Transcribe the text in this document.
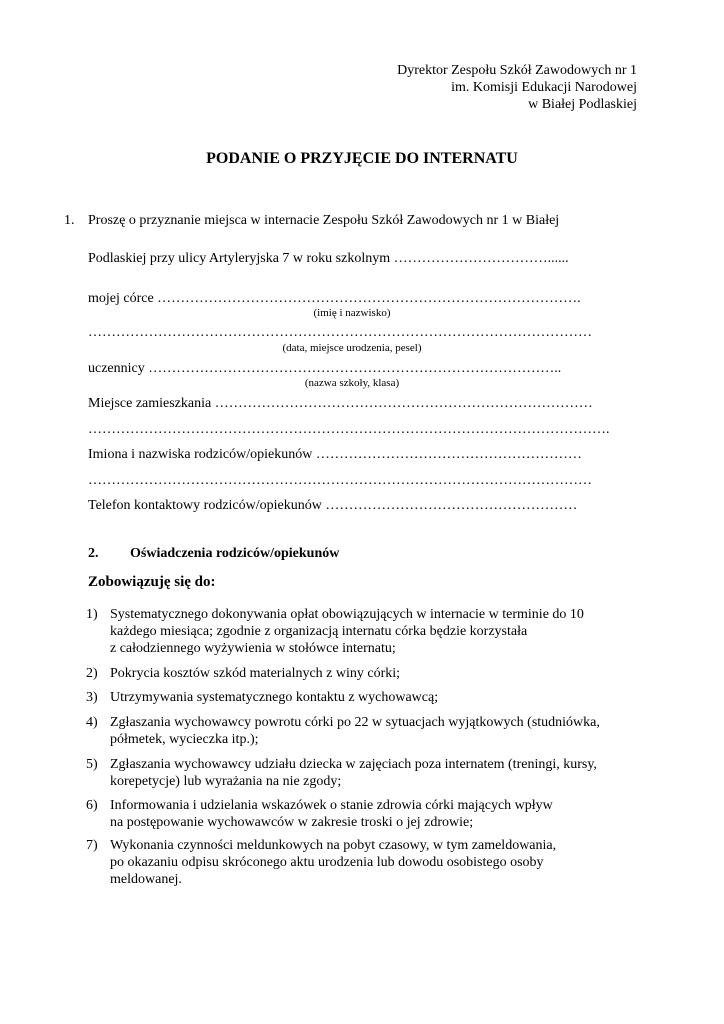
Dyrektor Zespołu Szkół Zawodowych nr 1
im. Komisji Edukacji Narodowej
w Białej Podlaskiej
PODANIE O PRZYJĘCIE DO INTERNATU
1. Proszę o przyznanie miejsca w internacie Zespołu Szkół Zawodowych nr 1 w Białej
Podlaskiej przy ulicy Artyleryjska 7 w roku szkolnym ……………………………......
mojej córce ……………………………………………………………………………….
(imię i nazwisko)
………………………………………………………………………………………………
(data, miejsce urodzenia, pesel)
uczennicy ……………………………………………………………………………..
(nazwa szkoły, klasa)
Miejsce zamieszkania ………………………………………………………………………
………………………………………………………………………………………………….
Imiona i nazwiska rodziców/opiekunów …………………………………………………
………………………………………………………………………………………………
Telefon kontaktowy rodziców/opiekunów ………………………………………………
2. Oświadczenia rodziców/opiekunów
Zobowiązuję się do:
1) Systematycznego dokonywania opłat obowiązujących w internacie w terminie do 10
każdego miesiąca; zgodnie z organizacją internatu córka będzie korzystała
z całodziennego wyżywienia w stołówce internatu;
2) Pokrycia kosztów szkód materialnych z winy córki;
3) Utrzymywania systematycznego kontaktu z wychowawcą;
4) Zgłaszania wychowawcy powrotu córki po 22 w sytuacjach wyjątkowych (studniówka,
półmetek, wycieczka itp.);
5) Zgłaszania wychowawcy udziału dziecka w zajęciach poza internatem (treningi, kursy,
korepetycje) lub wyrażania na nie zgody;
6) Informowania i udzielania wskazówek o stanie zdrowia córki mających wpływ
na postępowanie wychowawców w zakresie troski o jej zdrowie;
7) Wykonania czynności meldunkowych na pobyt czasowy, w tym zameldowania,
po okazaniu odpisu skróconego aktu urodzenia lub dowodu osobistego osoby
meldowanej.
